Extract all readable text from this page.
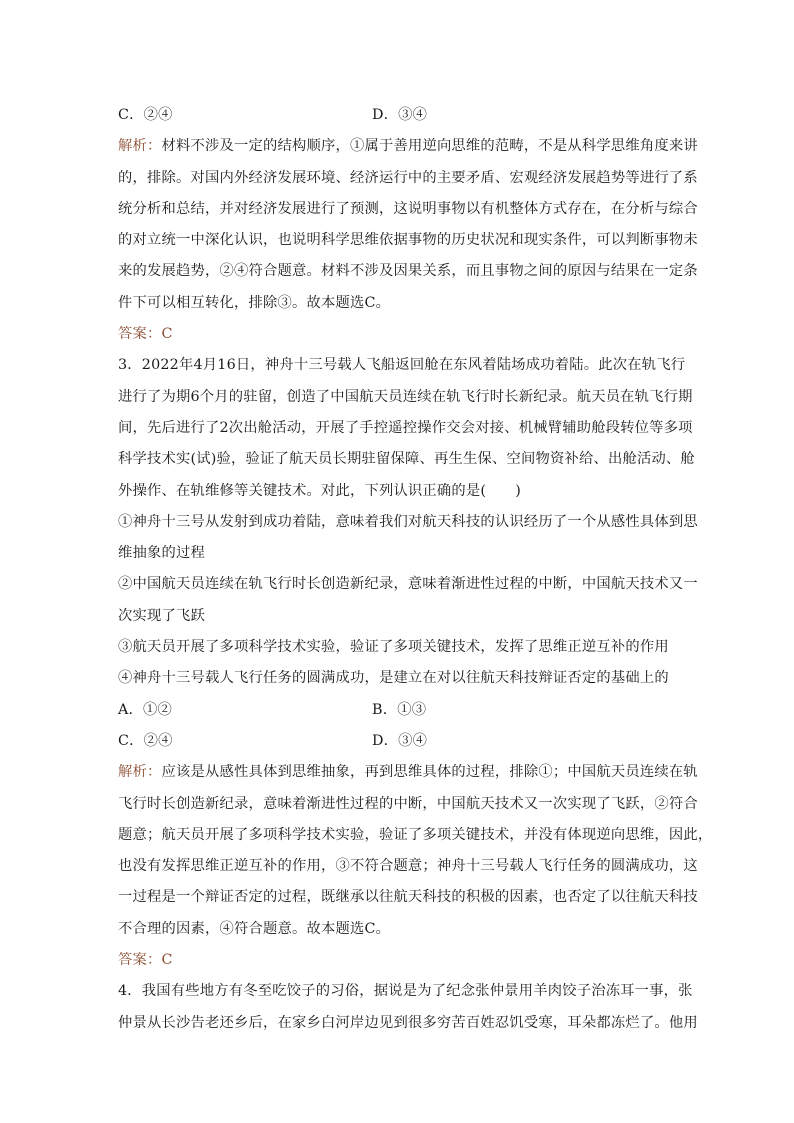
C．②④	D．③④
解析：材料不涉及一定的结构顺序，①属于善用逆向思维的范畴，不是从科学思维角度来讲
的，排除。对国内外经济发展环境、经济运行中的主要矛盾、宏观经济发展趋势等进行了系
统分析和总结，并对经济发展进行了预测，这说明事物以有机整体方式存在，在分析与综合
的对立统一中深化认识，也说明科学思维依据事物的历史状况和现实条件，可以判断事物未
来的发展趋势，②④符合题意。材料不涉及因果关系，而且事物之间的原因与结果在一定条
件下可以相互转化，排除③。故本题选C。
答案：C
3．2022年4月16日，神舟十三号载人飞船返回舱在东风着陆场成功着陆。此次在轨飞行
进行了为期6个月的驻留，创造了中国航天员连续在轨飞行时长新纪录。航天员在轨飞行期
间，先后进行了2次出舱活动，开展了手控遥控操作交会对接、机械臂辅助舱段转位等多项
科学技术实(试)验，验证了航天员长期驻留保障、再生生保、空间物资补给、出舱活动、舱
外操作、在轨维修等关键技术。对此，下列认识正确的是(　　)
①神舟十三号从发射到成功着陆，意味着我们对航天科技的认识经历了一个从感性具体到思
维抽象的过程
②中国航天员连续在轨飞行时长创造新纪录，意味着渐进性过程的中断，中国航天技术又一
次实现了飞跃
③航天员开展了多项科学技术实验，验证了多项关键技术，发挥了思维正逆互补的作用
④神舟十三号载人飞行任务的圆满成功，是建立在对以往航天科技辩证否定的基础上的
A．①②	B．①③
C．②④	D．③④
解析：应该是从感性具体到思维抽象，再到思维具体的过程，排除①；中国航天员连续在轨
飞行时长创造新纪录，意味着渐进性过程的中断，中国航天技术又一次实现了飞跃，②符合
题意；航天员开展了多项科学技术实验，验证了多项关键技术，并没有体现逆向思维，因此，
也没有发挥思维正逆互补的作用，③不符合题意；神舟十三号载人飞行任务的圆满成功，这
一过程是一个辩证否定的过程，既继承以往航天科技的积极的因素，也否定了以往航天科技
不合理的因素，④符合题意。故本题选C。
答案：C
4．我国有些地方有冬至吃饺子的习俗，据说是为了纪念张仲景用羊肉饺子治冻耳一事，张
仲景从长沙告老还乡后，在家乡白河岸边见到很多穷苦百姓忍饥受寒，耳朵都冻烂了。他用
